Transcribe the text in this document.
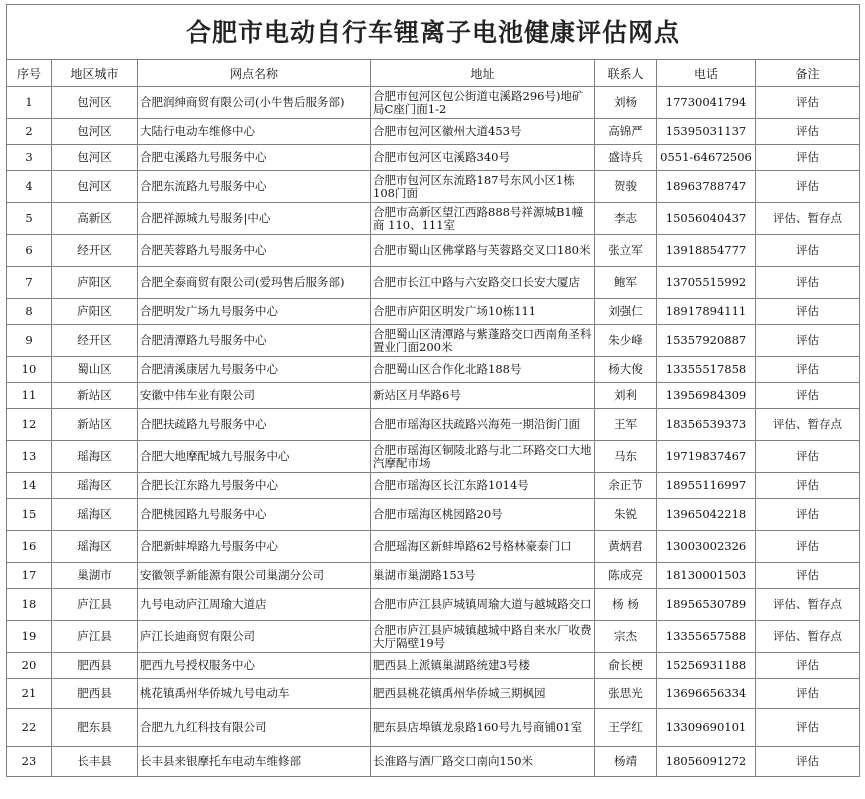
合肥市电动自行车锂离子电池健康评估网点						
序号	地区城市	网点名称	地址	联系人	电话	备注
1	包河区	合肥润绅商贸有限公司(小牛售后服务部)	合肥市包河区包公街道屯溪路296号)地矿局C座门面1-2	刘杨	17730041794	评估
2	包河区	大陆行电动车维修中心	合肥市包河区徽州大道453号	高锦严	15395031137	评估
3	包河区	合肥屯溪路九号服务中心	合肥市包河区屯溪路340号	盛诗兵	0551-64672506	评估
4	包河区	合肥东流路九号服务中心	合肥市包河区东流路187号东风小区1栋108门面	贺骏	18963788747	评估
5	高新区	合肥祥源城九号服务|中心	合肥市高新区望江西路888号祥源城B1幢 商 110、111室	李志	15056040437	评估、暂存点
6	经开区	合肥芙蓉路九号服务中心	合肥市蜀山区佛掌路与芙蓉路交叉口180米	张立军	13918854777	评估
7	庐阳区	合肥全泰商贸有限公司(爱玛售后服务部)	合肥市长江中路与六安路交口长安大厦店	鲍军	13705515992	评估
8	庐阳区	合肥明发广场九号服务中心	合肥市庐阳区明发广场10栋111	刘强仁	18917894111	评估
9	经开区	合肥清潭路九号服务中心	合肥蜀山区清潭路与紫蓬路交口西南角圣科置业门面200米	朱少峰	15357920887	评估
10	蜀山区	合肥清溪康居九号服务中心	合肥蜀山区合作化北路188号	杨大俊	13355517858	评估
11	新站区	安徽中伟车业有限公司	新站区月华路6号	刘利	13956984309	评估
12	新站区	合肥扶疏路九号服务中心	合肥市瑶海区扶疏路兴海苑一期沿街门面	王军	18356539373	评估、暂存点
13	瑶海区	合肥大地摩配城九号服务中心	合肥市瑶海区铜陵北路与北二环路交口大地汽摩配市场	马东	19719837467	评估
14	瑶海区	合肥长江东路九号服务中心	合肥市瑶海区长江东路1014号	余正节	18955116997	评估
15	瑶海区	合肥桃园路九号服务中心	合肥市瑶海区桃园路20号	朱锐	13965042218	评估
16	瑶海区	合肥新蚌埠路九号服务中心	合肥瑶海区新蚌埠路62号格林豪泰门口	黄炳君	13003002326	评估
17	巢湖市	安徽领孚新能源有限公司巢湖分公司	巢湖市巢湖路153号	陈成亮	18130001503	评估
18	庐江县	九号电动庐江周瑜大道店	合肥市庐江县庐城镇周瑜大道与越城路交口	杨 杨	18956530789	评估、暂存点
19	庐江县	庐江长迪商贸有限公司	合肥市庐江县庐城镇越城中路自来水厂收费大厅隔壁19号	宗杰	13355657588	评估、暂存点
20	肥西县	肥西九号授权服务中心	肥西县上派镇巢湖路统建3号楼	俞长梗	15256931188	评估
21	肥西县	桃花镇禹州华侨城九号电动车	肥西县桃花镇禹州华侨城三期枫园	张思光	13696656334	评估
22	肥东县	合肥九九红科技有限公司	肥东县店埠镇龙泉路160号九号商铺01室	王学红	13309690101	评估
23	长丰县	长丰县来银摩托车电动车维修部	长淮路与酒厂路交口南向150米	杨靖	18056091272	评估
